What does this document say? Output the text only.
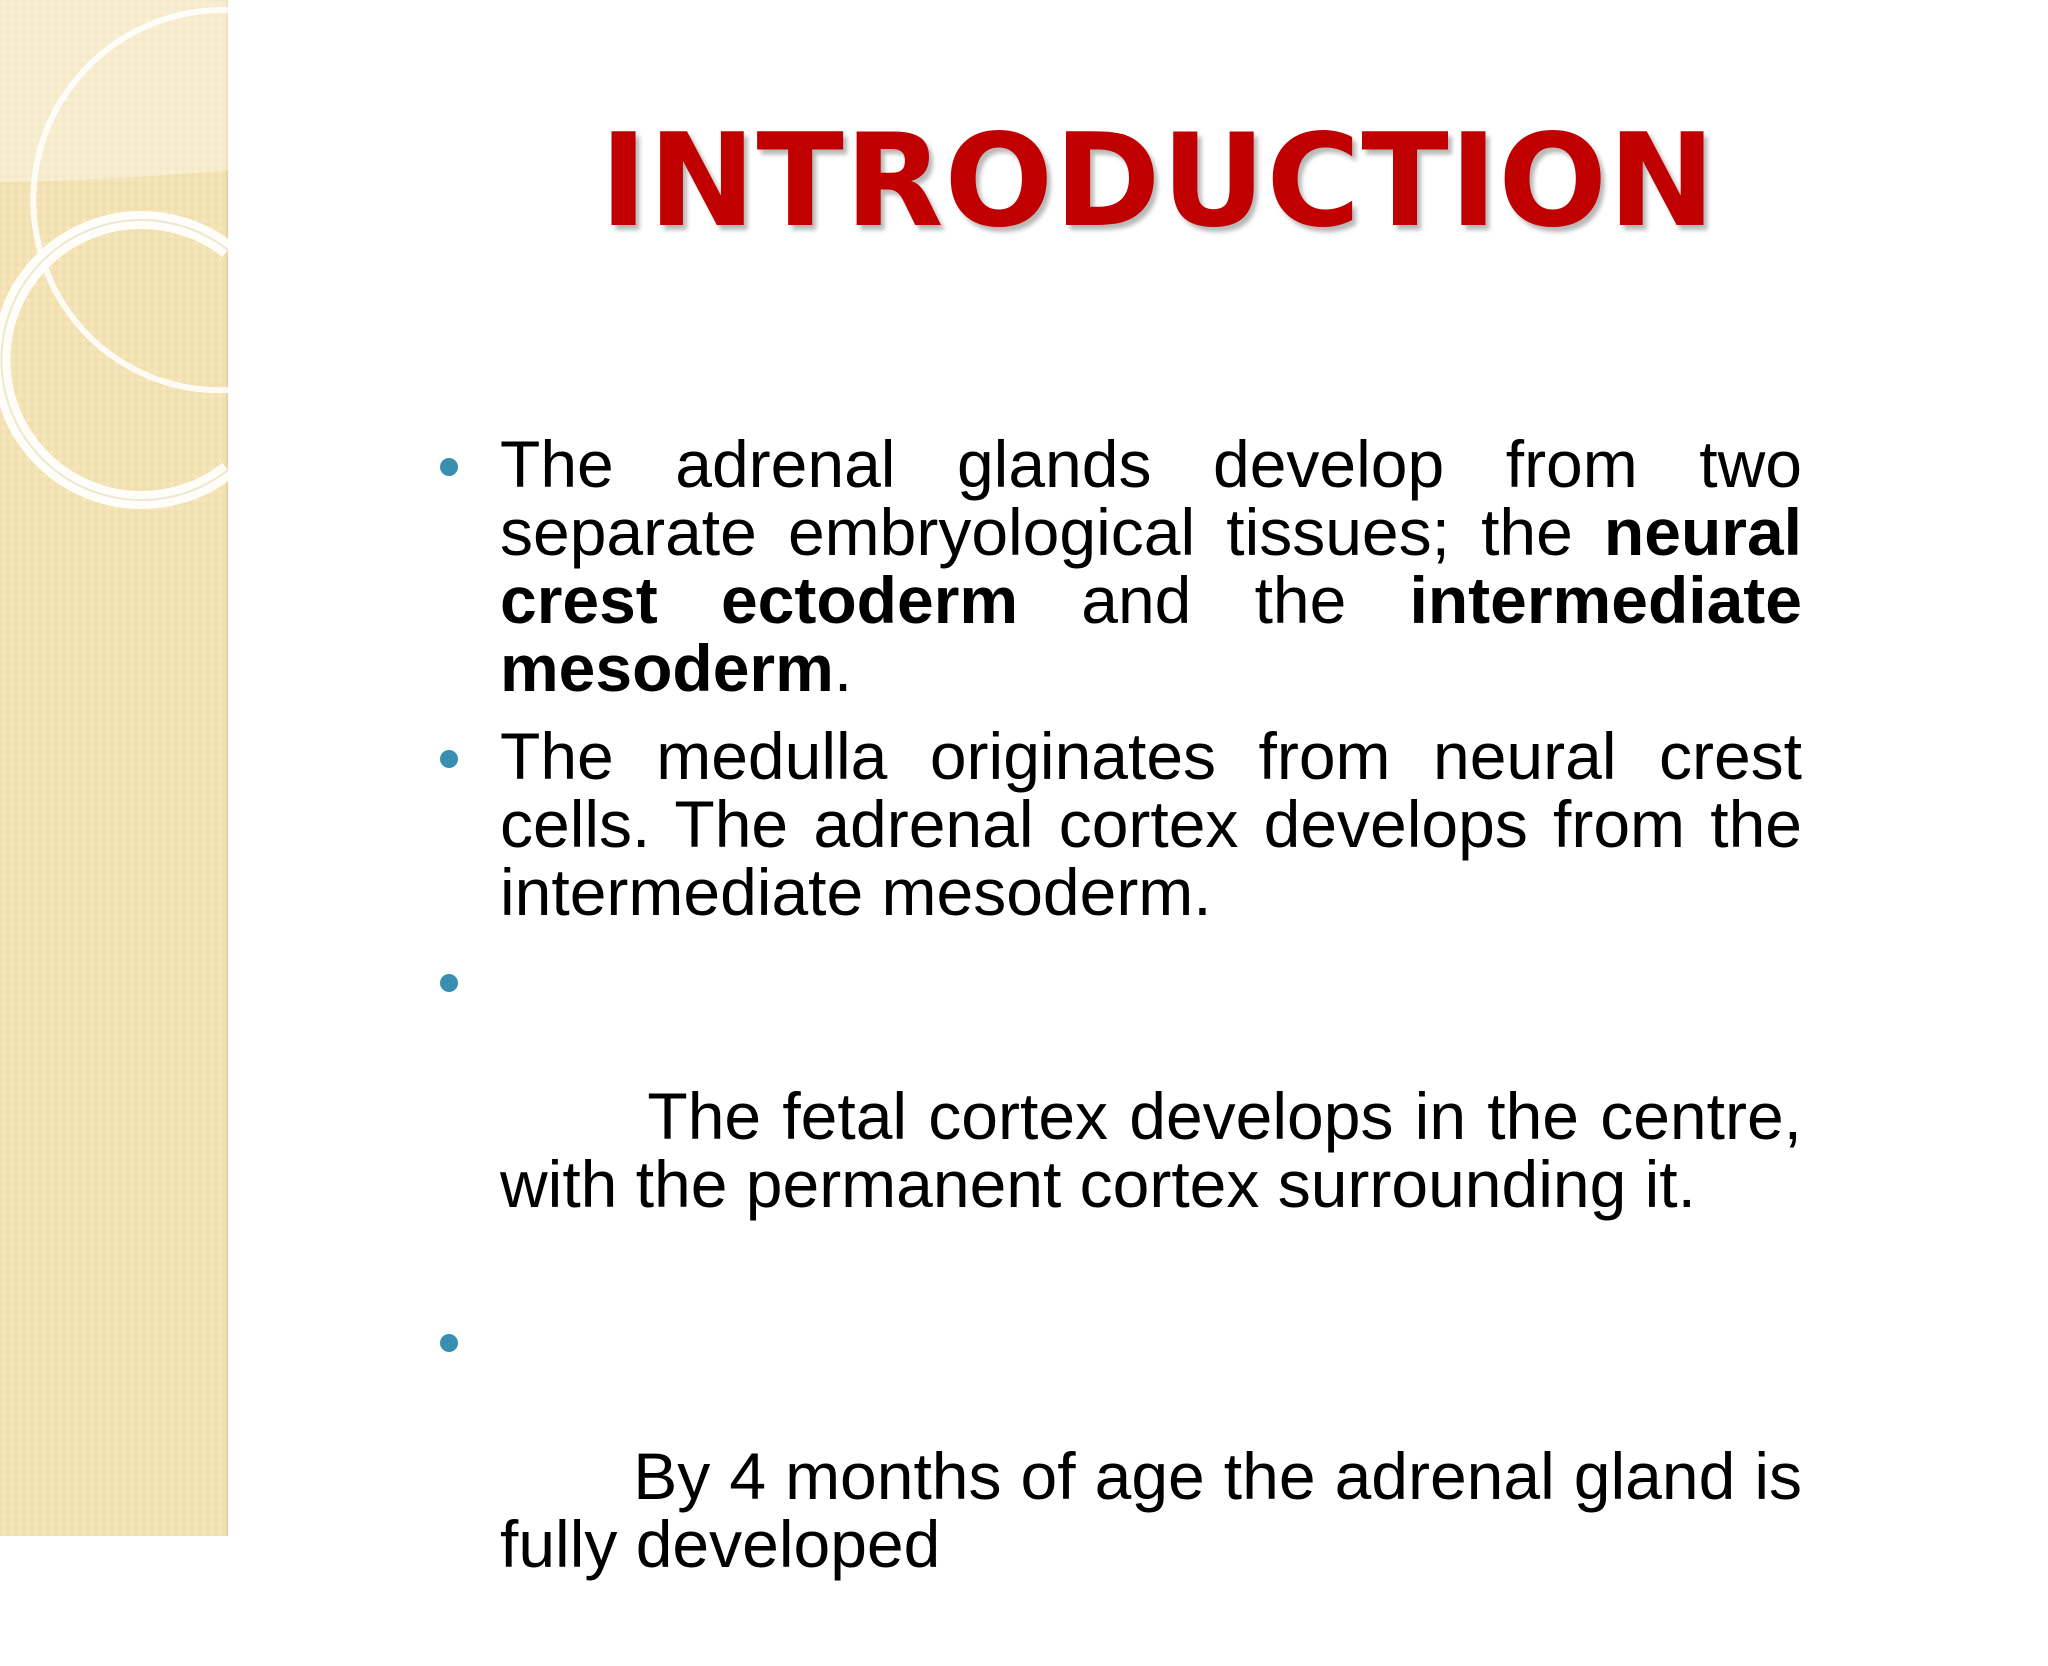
INTRODUCTION
The adrenal glands develop from two separate embryological tissues; the neural crest ectoderm and the intermediate mesoderm.
The medulla originates from neural crest cells. The adrenal cortex develops from the intermediate mesoderm.

The fetal cortex develops in the centre, with the permanent cortex surrounding it.

By 4 months of age the adrenal gland is fully developed
